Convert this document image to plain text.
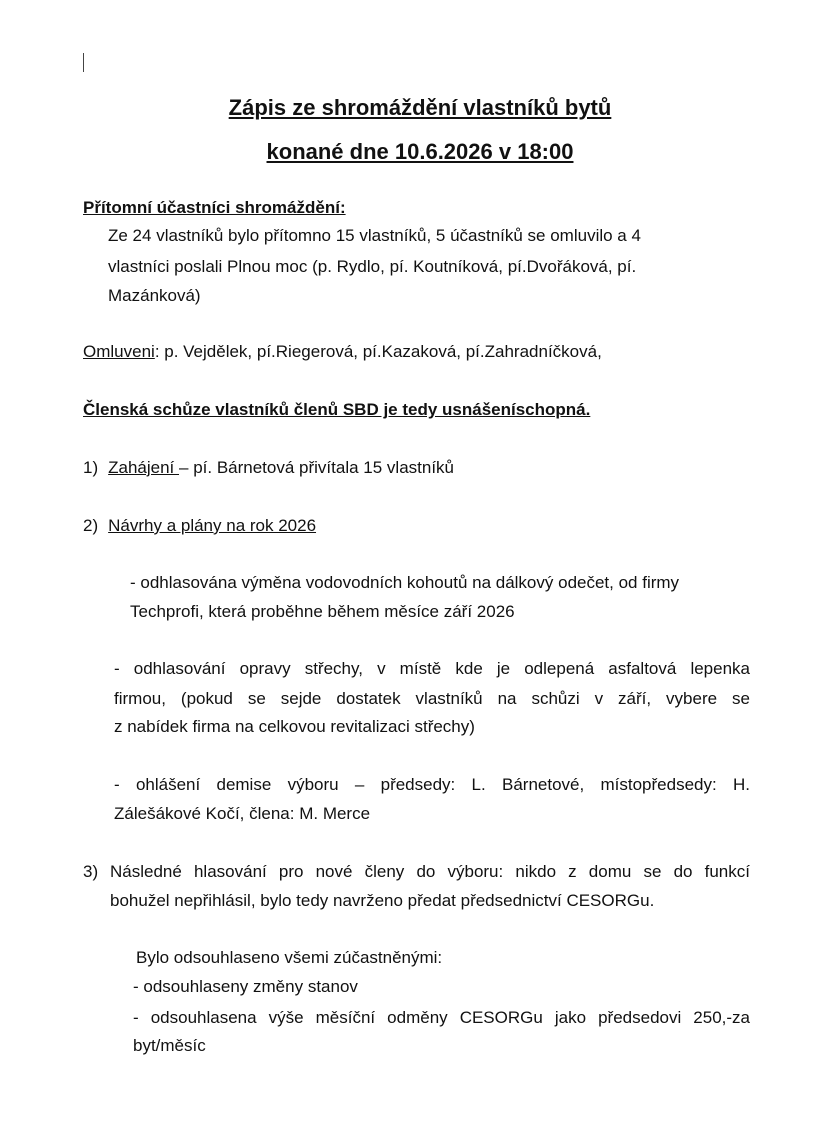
Zápis ze shromáždění vlastníků bytů
konané dne 10.6.2026 v 18:00
Přítomní účastníci shromáždění:
Ze 24 vlastníků bylo přítomno 15 vlastníků, 5 účastníků se omluvilo a 4
vlastníci poslali Plnou moc (p. Rydlo, pí. Koutníková, pí.Dvořáková, pí.
Mazánková)
Omluveni: p. Vejdělek, pí.Riegerová, pí.Kazaková, pí.Zahradníčková,
Členská schůze vlastníků členů SBD je tedy usnášeníschopná.
1) Zahájení – pí. Bárnetová přivítala 15 vlastníků
2) Návrhy a plány na rok 2026
- odhlasována výměna vodovodních kohoutů na dálkový odečet, od firmy
Techprofi, která proběhne během měsíce září 2026
- odhlasování opravy střechy, v místě kde je odlepená asfaltová lepenka
firmou, (pokud se sejde dostatek vlastníků na schůzi v září, vybere se
z nabídek firma na celkovou revitalizaci střechy)
- ohlášení demise výboru – předsedy: L. Bárnetové, místopředsedy: H.
Zálešákové Kočí, člena: M. Merce
3) Následné hlasování pro nové členy do výboru: nikdo z domu se do funkcí
bohužel nepřihlásil, bylo tedy navrženo předat předsednictví CESORGu.
Bylo odsouhlaseno všemi zúčastněnými:
- odsouhlaseny změny stanov
- odsouhlasena výše měsíční odměny CESORGu jako předsedovi 250,-za
byt/měsíc
